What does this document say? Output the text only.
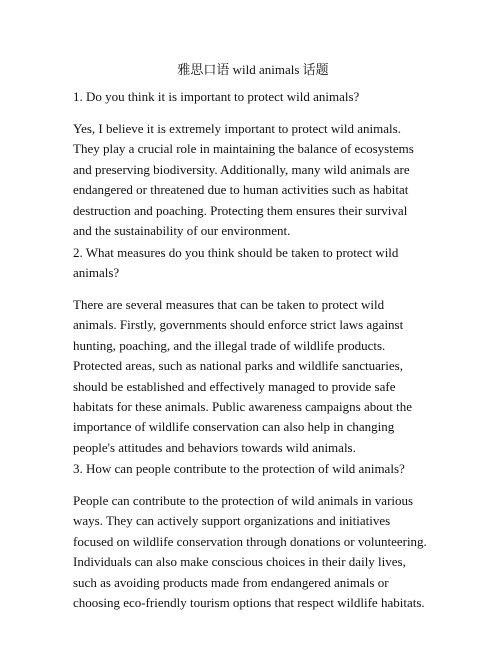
雅思口语 wild animals 话题

1. Do you think it is important to protect wild animals?

Yes, I believe it is extremely important to protect wild animals.
They play a crucial role in maintaining the balance of ecosystems
and preserving biodiversity. Additionally, many wild animals are
endangered or threatened due to human activities such as habitat
destruction and poaching. Protecting them ensures their survival
and the sustainability of our environment.

2. What measures do you think should be taken to protect wild
animals?

There are several measures that can be taken to protect wild
animals. Firstly, governments should enforce strict laws against
hunting, poaching, and the illegal trade of wildlife products.
Protected areas, such as national parks and wildlife sanctuaries,
should be established and effectively managed to provide safe
habitats for these animals. Public awareness campaigns about the
importance of wildlife conservation can also help in changing
people's attitudes and behaviors towards wild animals.

3. How can people contribute to the protection of wild animals?

People can contribute to the protection of wild animals in various
ways. They can actively support organizations and initiatives
focused on wildlife conservation through donations or volunteering.
Individuals can also make conscious choices in their daily lives,
such as avoiding products made from endangered animals or
choosing eco-friendly tourism options that respect wildlife habitats.
